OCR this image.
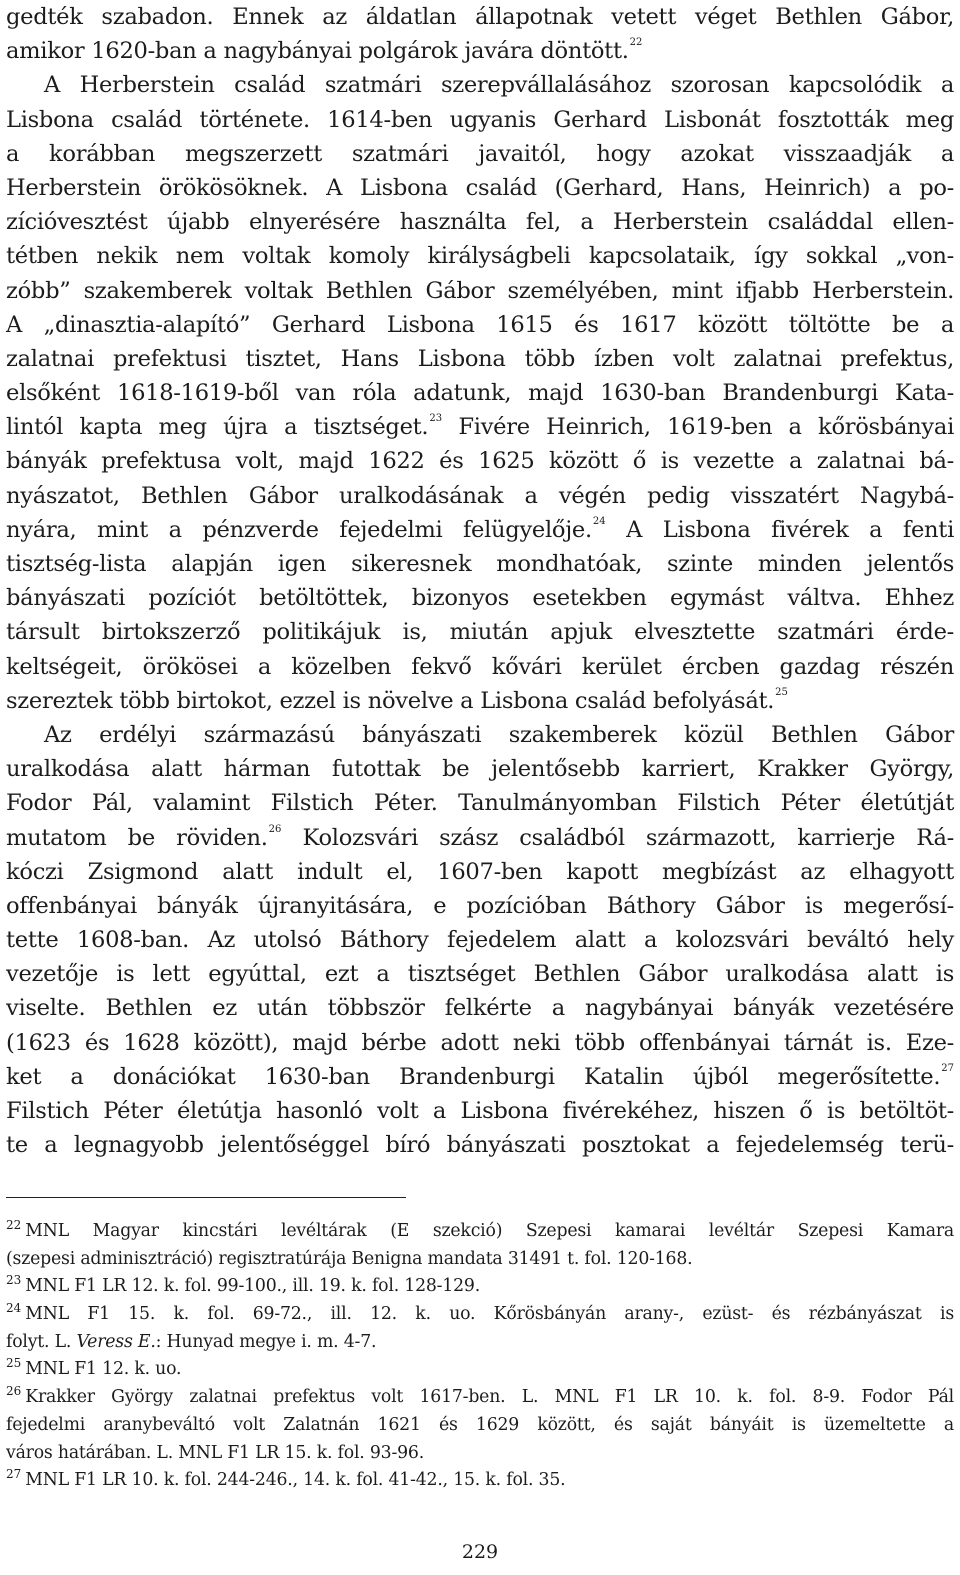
gedték szabadon. Ennek az áldatlan állapotnak vetett véget Bethlen Gábor,
amikor 1620-ban a nagybányai polgárok javára döntött.$^{22}$
A Herberstein család szatmári szerepvállalásához szorosan kapcsolódik a
Lisbona család története. 1614-ben ugyanis Gerhard Lisbonát fosztották meg
a korábban megszerzett szatmári javaitól, hogy azokat visszaadják a
Herberstein örökösöknek. A Lisbona család (Gerhard, Hans, Heinrich) a po-
zícióvesztést újabb elnyerésére használta fel, a Herberstein családdal ellen-
tétben nekik nem voltak komoly királyságbeli kapcsolataik, így sokkal „von-
zóbb” szakemberek voltak Bethlen Gábor személyében, mint ifjabb Herberstein.
A „dinasztia-alapító” Gerhard Lisbona 1615 és 1617 között töltötte be a
zalatnai prefektusi tisztet, Hans Lisbona több ízben volt zalatnai prefektus,
elsőként 1618-1619-ből van róla adatunk, majd 1630-ban Brandenburgi Kata-
lintól kapta meg újra a tisztséget.$^{23}$ Fivére Heinrich, 1619-ben a kőrösbányai
bányák prefektusa volt, majd 1622 és 1625 között ő is vezette a zalatnai bá-
nyászatot, Bethlen Gábor uralkodásának a végén pedig visszatért Nagybá-
nyára, mint a pénzverde fejedelmi felügyelője.$^{24}$ A Lisbona fivérek a fenti
tisztség-lista alapján igen sikeresnek mondhatóak, szinte minden jelentős
bányászati pozíciót betöltöttek, bizonyos esetekben egymást váltva. Ehhez
társult birtokszerző politikájuk is, miután apjuk elvesztette szatmári érde-
keltségeit, örökösei a közelben fekvő kővári kerület ércben gazdag részén
szereztek több birtokot, ezzel is növelve a Lisbona család befolyását.$^{25}$
Az erdélyi származású bányászati szakemberek közül Bethlen Gábor
uralkodása alatt hárman futottak be jelentősebb karriert, Krakker György,
Fodor Pál, valamint Filstich Péter. Tanulmányomban Filstich Péter életútját
mutatom be röviden.$^{26}$ Kolozsvári szász családból származott, karrierje Rá-
kóczi Zsigmond alatt indult el, 1607-ben kapott megbízást az elhagyott
offenbányai bányák újranyitására, e pozícióban Báthory Gábor is megerősí-
tette 1608-ban. Az utolsó Báthory fejedelem alatt a kolozsvári beváltó hely
vezetője is lett egyúttal, ezt a tisztséget Bethlen Gábor uralkodása alatt is
viselte. Bethlen ez után többször felkérte a nagybányai bányák vezetésére
(1623 és 1628 között), majd bérbe adott neki több offenbányai tárnát is. Eze-
ket a donációkat 1630-ban Brandenburgi Katalin újból megerősítette.$^{27}$
Filstich Péter életútja hasonló volt a Lisbona fivérekéhez, hiszen ő is betöltöt-
te a legnagyobb jelentőséggel bíró bányászati posztokat a fejedelemség terü-
$^{22}$ MNL Magyar kincstári levéltárak (E szekció) Szepesi kamarai levéltár Szepesi Kamara
(szepesi adminisztráció) regisztratúrája Benigna mandata 31491 t. fol. 120-168.
$^{23}$ MNL F1 LR 12. k. fol. 99-100., ill. 19. k. fol. 128-129.
$^{24}$ MNL F1 15. k. fol. 69-72., ill. 12. k. uo. Kőrösbányán arany-, ezüst- és rézbányászat is
folyt. L. Veress E.: Hunyad megye i. m. 4-7.
$^{25}$ MNL F1 12. k. uo.
$^{26}$ Krakker György zalatnai prefektus volt 1617-ben. L. MNL F1 LR 10. k. fol. 8-9. Fodor Pál
fejedelmi aranybeváltó volt Zalatnán 1621 és 1629 között, és saját bányáit is üzemeltette a
város határában. L. MNL F1 LR 15. k. fol. 93-96.
$^{27}$ MNL F1 LR 10. k. fol. 244-246., 14. k. fol. 41-42., 15. k. fol. 35.
229
